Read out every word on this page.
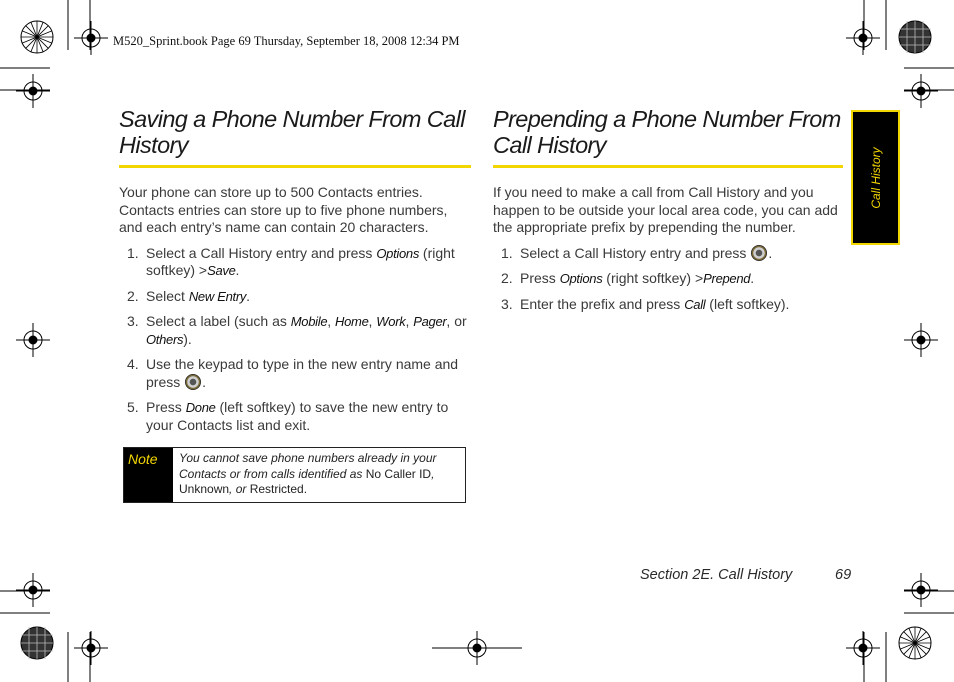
M520_Sprint.book Page 69 Thursday, September 18, 2008 12:34 PM
Saving a Phone Number From Call History

Your phone can store up to 500 Contacts entries. Contacts entries can store up to five phone numbers, and each entry’s name can contain 20 characters.

1. Select a Call History entry and press Options (right softkey) >Save.
2. Select New Entry.
3. Select a label (such as Mobile, Home, Work, Pager, or Others).
4. Use the keypad to type in the new entry name and press .
5. Press Done (left softkey) to save the new entry to your Contacts list and exit.
Note	You cannot save phone numbers already in your Contacts or from calls identified as No Caller ID, Unknown, or Restricted.
Prepending a Phone Number From Call History

If you need to make a call from Call History and you happen to be outside your local area code, you can add the appropriate prefix by prepending the number.

1. Select a Call History entry and press .
2. Press Options (right softkey) >Prepend.
3. Enter the prefix and press Call (left softkey).
Call History
Section 2E. Call History	69
